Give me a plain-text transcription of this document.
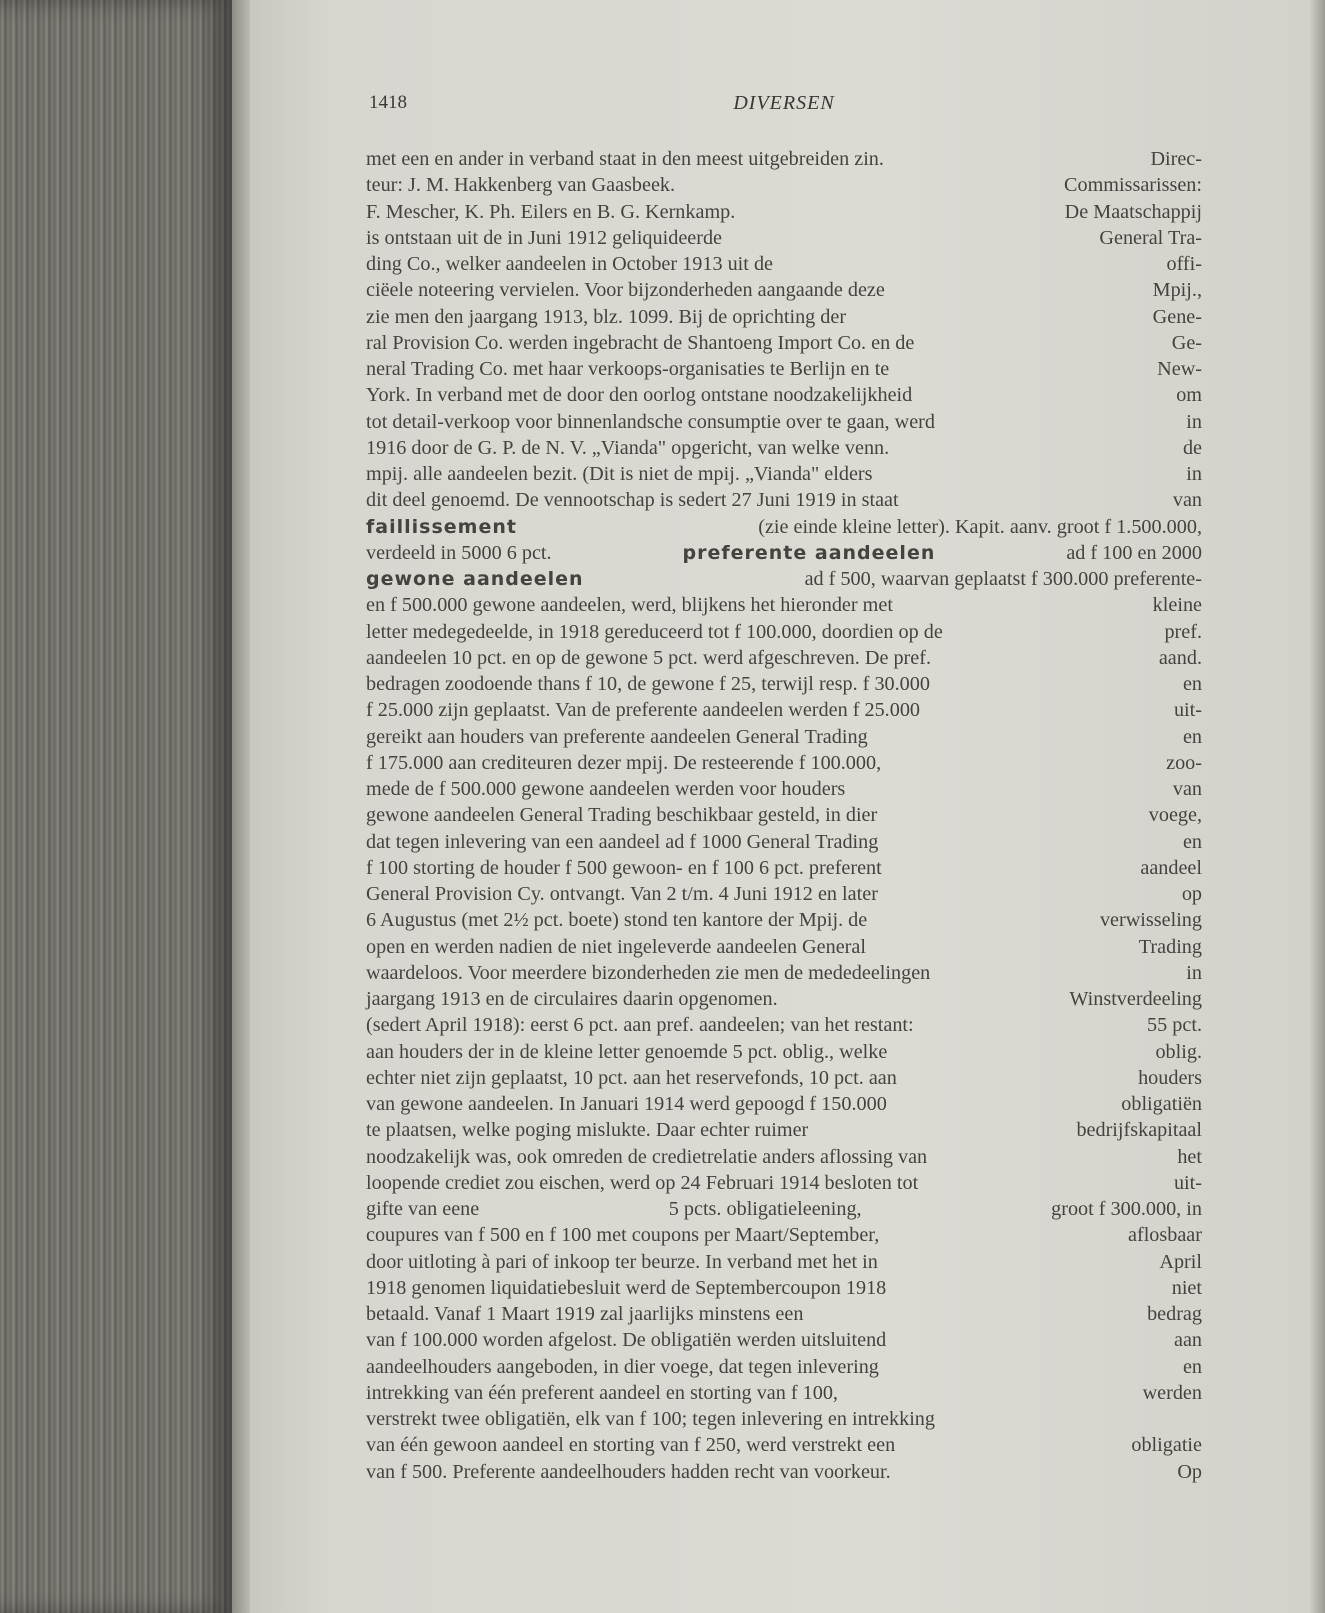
1418	DIVERSEN
met een en ander in verband staat in den meest uitgebreiden zin.	Direc-
teur: J. M. Hakkenberg van Gaasbeek.	Commissarissen:
F. Mescher, K. Ph. Eilers en B. G. Kernkamp.	De Maatschappij
is ontstaan uit de in Juni 1912 geliquideerde	General Tra-
ding Co., welker aandeelen in October 1913 uit de	offi-
ciëele noteering vervielen. Voor bijzonderheden aangaande deze	Mpij.,
zie men den jaargang 1913, blz. 1099. Bij de oprichting der	Gene-
ral Provision Co. werden ingebracht de Shantoeng Import Co. en de	Ge-
neral Trading Co. met haar verkoops-organisaties te Berlijn en te	New-
York. In verband met de door den oorlog ontstane noodzakelijkheid	om
tot detail-verkoop voor binnenlandsche consumptie over te gaan, werd	in
1916 door de G. P. de N. V. „Vianda" opgericht, van welke venn.	de
mpij. alle aandeelen bezit. (Dit is niet de mpij. „Vianda" elders	in
dit deel genoemd. De vennootschap is sedert 27 Juni 1919 in staat	van
faillissement	(zie einde kleine letter). Kapit. aanv. groot f 1.500.000,
verdeeld in 5000 6 pct.	preferente aandeelen	ad f 100 en 2000
gewone aandeelen	ad f 500, waarvan geplaatst f 300.000 preferente-
en f 500.000 gewone aandeelen, werd, blijkens het hieronder met	kleine
letter medegedeelde, in 1918 gereduceerd tot f 100.000, doordien op de	pref.
aandeelen 10 pct. en op de gewone 5 pct. werd afgeschreven. De pref.	aand.
bedragen zoodoende thans f 10, de gewone f 25, terwijl resp. f 30.000	en
f 25.000 zijn geplaatst. Van de preferente aandeelen werden f 25.000	uit-
gereikt aan houders van preferente aandeelen General Trading	en
f 175.000 aan crediteuren dezer mpij. De resteerende f 100.000,	zoo-
mede de f 500.000 gewone aandeelen werden voor houders	van
gewone aandeelen General Trading beschikbaar gesteld, in dier	voege,
dat tegen inlevering van een aandeel ad f 1000 General Trading	en
f 100 storting de houder f 500 gewoon- en f 100 6 pct. preferent	aandeel
General Provision Cy. ontvangt. Van 2 t/m. 4 Juni 1912 en later	op
6 Augustus (met 2½ pct. boete) stond ten kantore der Mpij. de	verwisseling
open en werden nadien de niet ingeleverde aandeelen General	Trading
waardeloos. Voor meerdere bizonderheden zie men de mededeelingen	in
jaargang 1913 en de circulaires daarin opgenomen.	Winstverdeeling
(sedert April 1918): eerst 6 pct. aan pref. aandeelen; van het restant:	55 pct.
aan houders der in de kleine letter genoemde 5 pct. oblig., welke	oblig.
echter niet zijn geplaatst, 10 pct. aan het reservefonds, 10 pct. aan	houders
van gewone aandeelen. In Januari 1914 werd gepoogd f 150.000	obligatiën
te plaatsen, welke poging mislukte. Daar echter ruimer	bedrijfskapitaal
noodzakelijk was, ook omreden de credietrelatie anders aflossing van	het
loopende crediet zou eischen, werd op 24 Februari 1914 besloten tot	uit-
gifte van eene	5 pcts. obligatieleening,	groot f 300.000, in
coupures van f 500 en f 100 met coupons per Maart/September,	aflosbaar
door uitloting à pari of inkoop ter beurze. In verband met het in	April
1918 genomen liquidatiebesluit werd de Septembercoupon 1918	niet
betaald. Vanaf 1 Maart 1919 zal jaarlijks minstens een	bedrag
van f 100.000 worden afgelost. De obligatiën werden uitsluitend	aan
aandeelhouders aangeboden, in dier voege, dat tegen inlevering	en
intrekking van één preferent aandeel en storting van f 100,	werden
verstrekt twee obligatiën, elk van f 100; tegen inlevering en intrekking
van één gewoon aandeel en storting van f 250, werd verstrekt een	obligatie
van f 500. Preferente aandeelhouders hadden recht van voorkeur.	Op
